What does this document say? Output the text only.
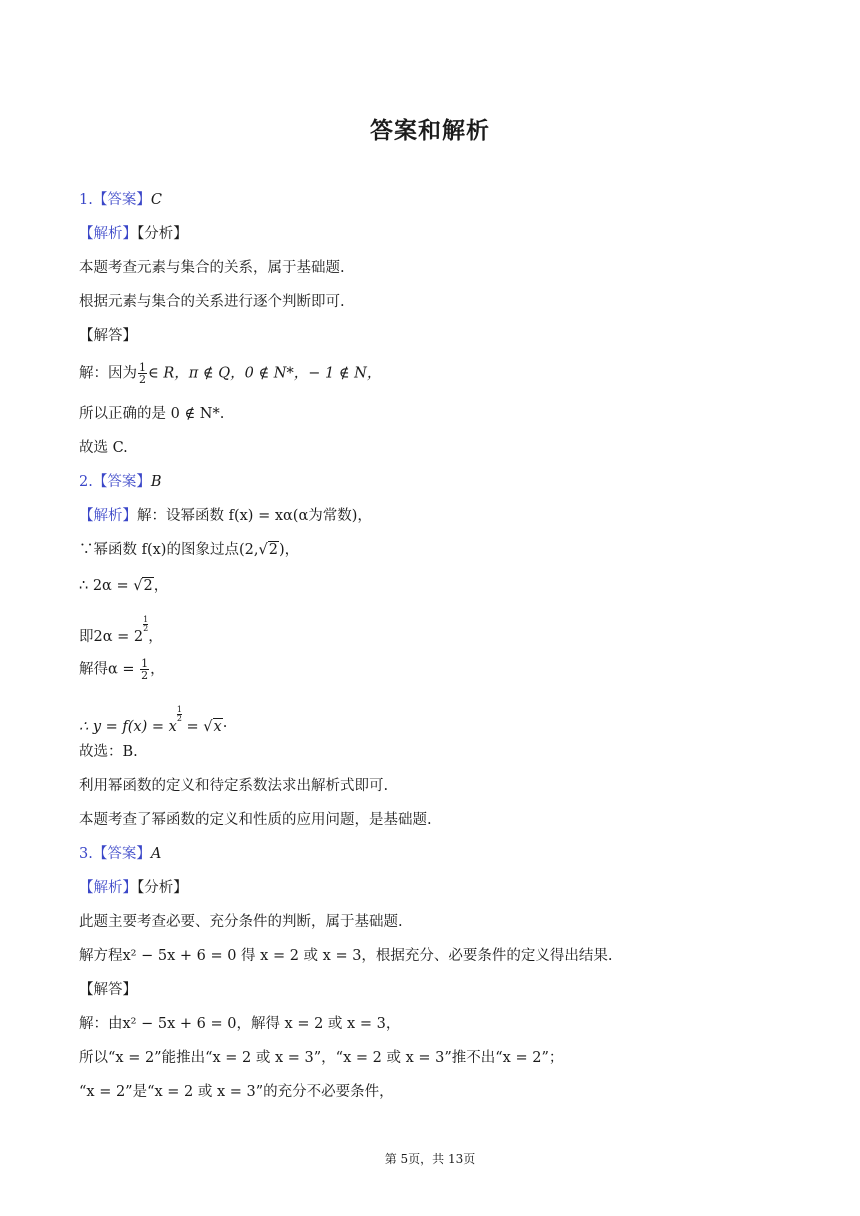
答案和解析
1.【答案】C
【解析】【分析】
本题考查元素与集合的关系，属于基础题.
根据元素与集合的关系进行逐个判断即可.
【解答】
解：因为 $\frac{1}{2}$ ∈ R，π ∉ Q，0 ∉ N*，− 1 ∉ N，
所以正确的是 0 ∉ N*.
故选 C.
2.【答案】B
【解析】解：设幂函数 f(x) = xα(α为常数)，
∵幂函数 f(x)的图象过点(2,√2)，
∴ 2α = √2，
即2α = 2
$\frac{1}{2}$
，
解得$\alpha = \frac{1}{2}$ ，
∴ y = f(x) = x
$\frac{1}{2}$
= √x·
故选：B.
利用幂函数的定义和待定系数法求出解析式即可.
本题考查了幂函数的定义和性质的应用问题，是基础题.
3.【答案】A
【解析】【分析】
此题主要考查必要、充分条件的判断，属于基础题.
解方程x² − 5x + 6 = 0 得 x = 2 或 x = 3，根据充分、必要条件的定义得出结果.
【解答】
解：由x² − 5x + 6 = 0，解得 x = 2 或 x = 3，
所以“x = 2”能推出“x = 2 或 x = 3”，“x = 2 或 x = 3”推不出“x = 2”；
“x = 2”是“x = 2 或 x = 3”的充分不必要条件，
第 5页，共 13页
